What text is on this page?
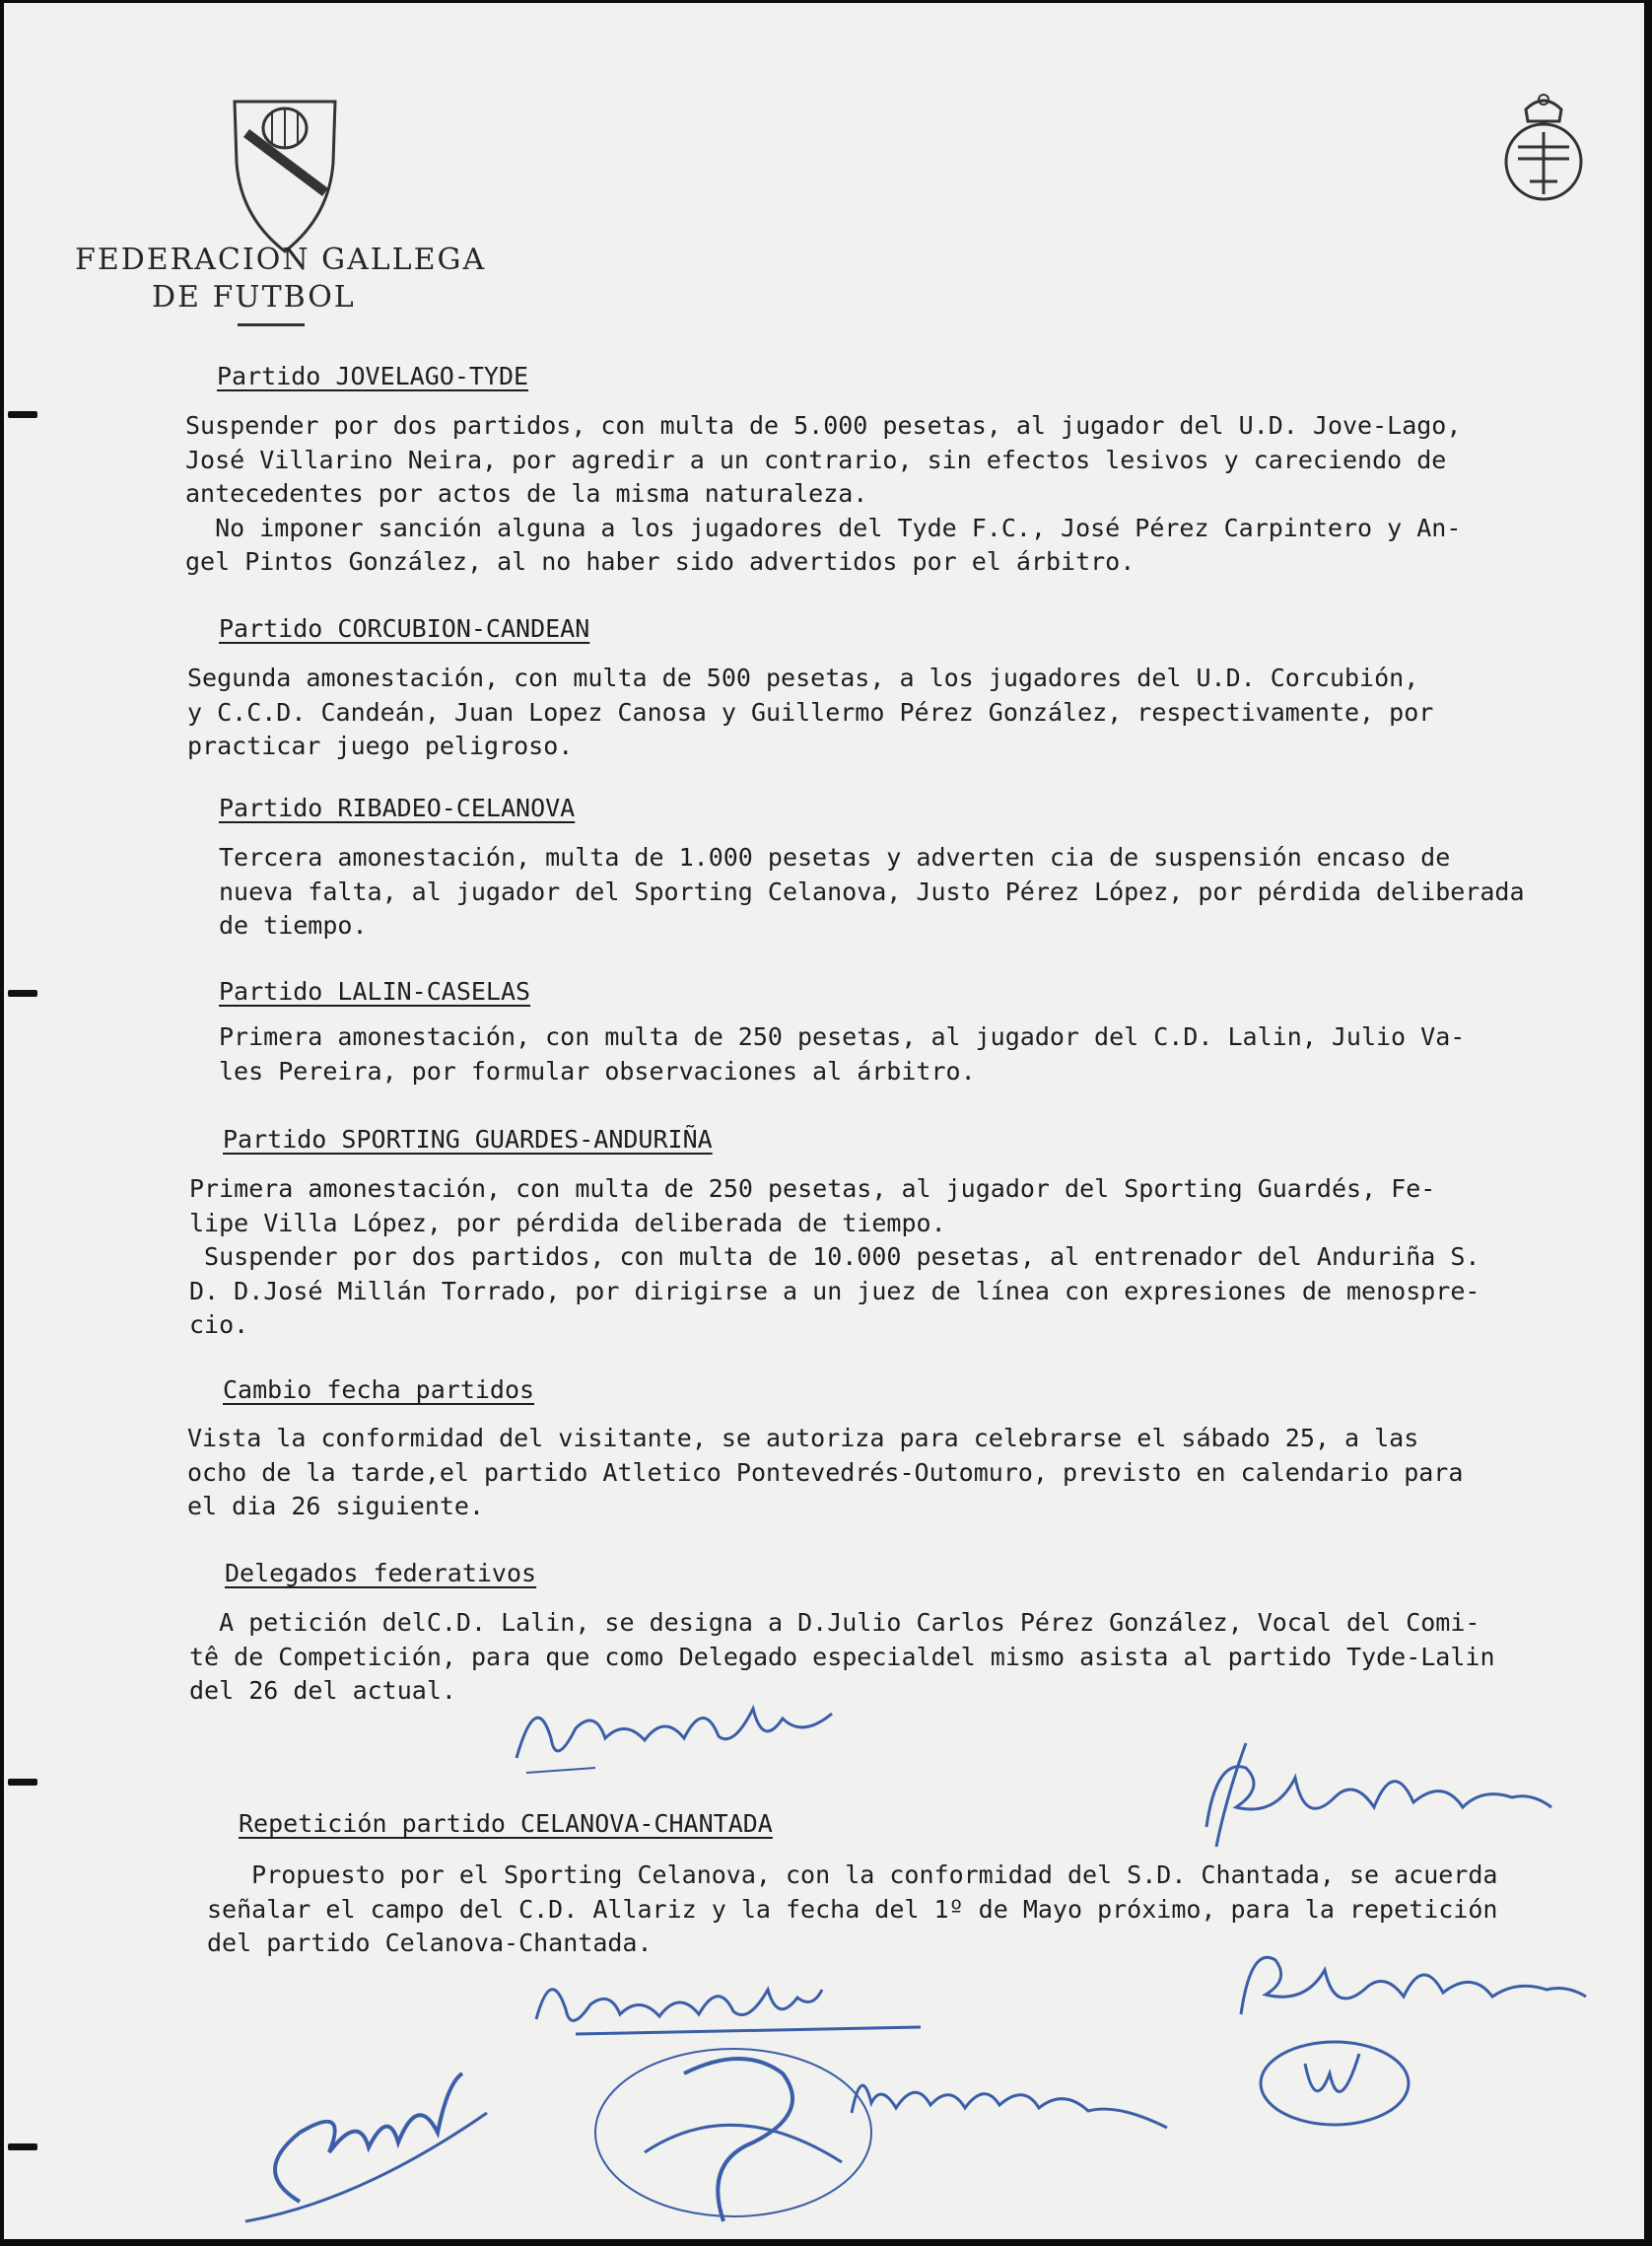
FEDERACION GALLEGA
DE FUTBOL
Partido JOVELAGO-TYDE
Suspender por dos partidos, con multa de 5.000 pesetas, al jugador del U.D. Jove-Lago,
José Villarino Neira, por agredir a un contrario, sin efectos lesivos y careciendo de
antecedentes por actos de la misma naturaleza.
No imponer sanción alguna a los jugadores del Tyde F.C., José Pérez Carpintero y An-
gel Pintos González, al no haber sido advertidos por el árbitro.
Partido CORCUBION-CANDEAN
Segunda amonestación, con multa de 500 pesetas, a los jugadores del U.D. Corcubión,
y C.C.D. Candeán, Juan Lopez Canosa y Guillermo Pérez González, respectivamente, por
practicar juego peligroso.
Partido RIBADEO-CELANOVA
Tercera amonestación, multa de 1.000 pesetas y adverten cia de suspensión encaso de
nueva falta, al jugador del Sporting Celanova, Justo Pérez López, por pérdida deliberada
de tiempo.
Partido LALIN-CASELAS
Primera amonestación, con multa de 250 pesetas, al jugador del C.D. Lalin, Julio Va-
les Pereira, por formular observaciones al árbitro.
Partido SPORTING GUARDES-ANDURIÑA
Primera amonestación, con multa de 250 pesetas, al jugador del Sporting Guardés, Fe-
lipe Villa López, por pérdida deliberada de tiempo.
Suspender por dos partidos, con multa de 10.000 pesetas, al entrenador del Anduriña S.
D. D.José Millán Torrado, por dirigirse a un juez de línea con expresiones de menospre-
cio.
Cambio fecha partidos
Vista la conformidad del visitante, se autoriza para celebrarse el sábado 25, a las
ocho de la tarde,el partido Atletico Pontevedrés-Outomuro, previsto en calendario para
el dia 26 siguiente.
Delegados federativos
A petición delC.D. Lalin, se designa a D.Julio Carlos Pérez González, Vocal del Comi-
tê de Competición, para que como Delegado especialdel mismo asista al partido Tyde-Lalin
del 26 del actual.
Repetición partido CELANOVA-CHANTADA
Propuesto por el Sporting Celanova, con la conformidad del S.D. Chantada, se acuerda
señalar el campo del C.D. Allariz y la fecha del 1º de Mayo próximo, para la repetición
del partido Celanova-Chantada.
